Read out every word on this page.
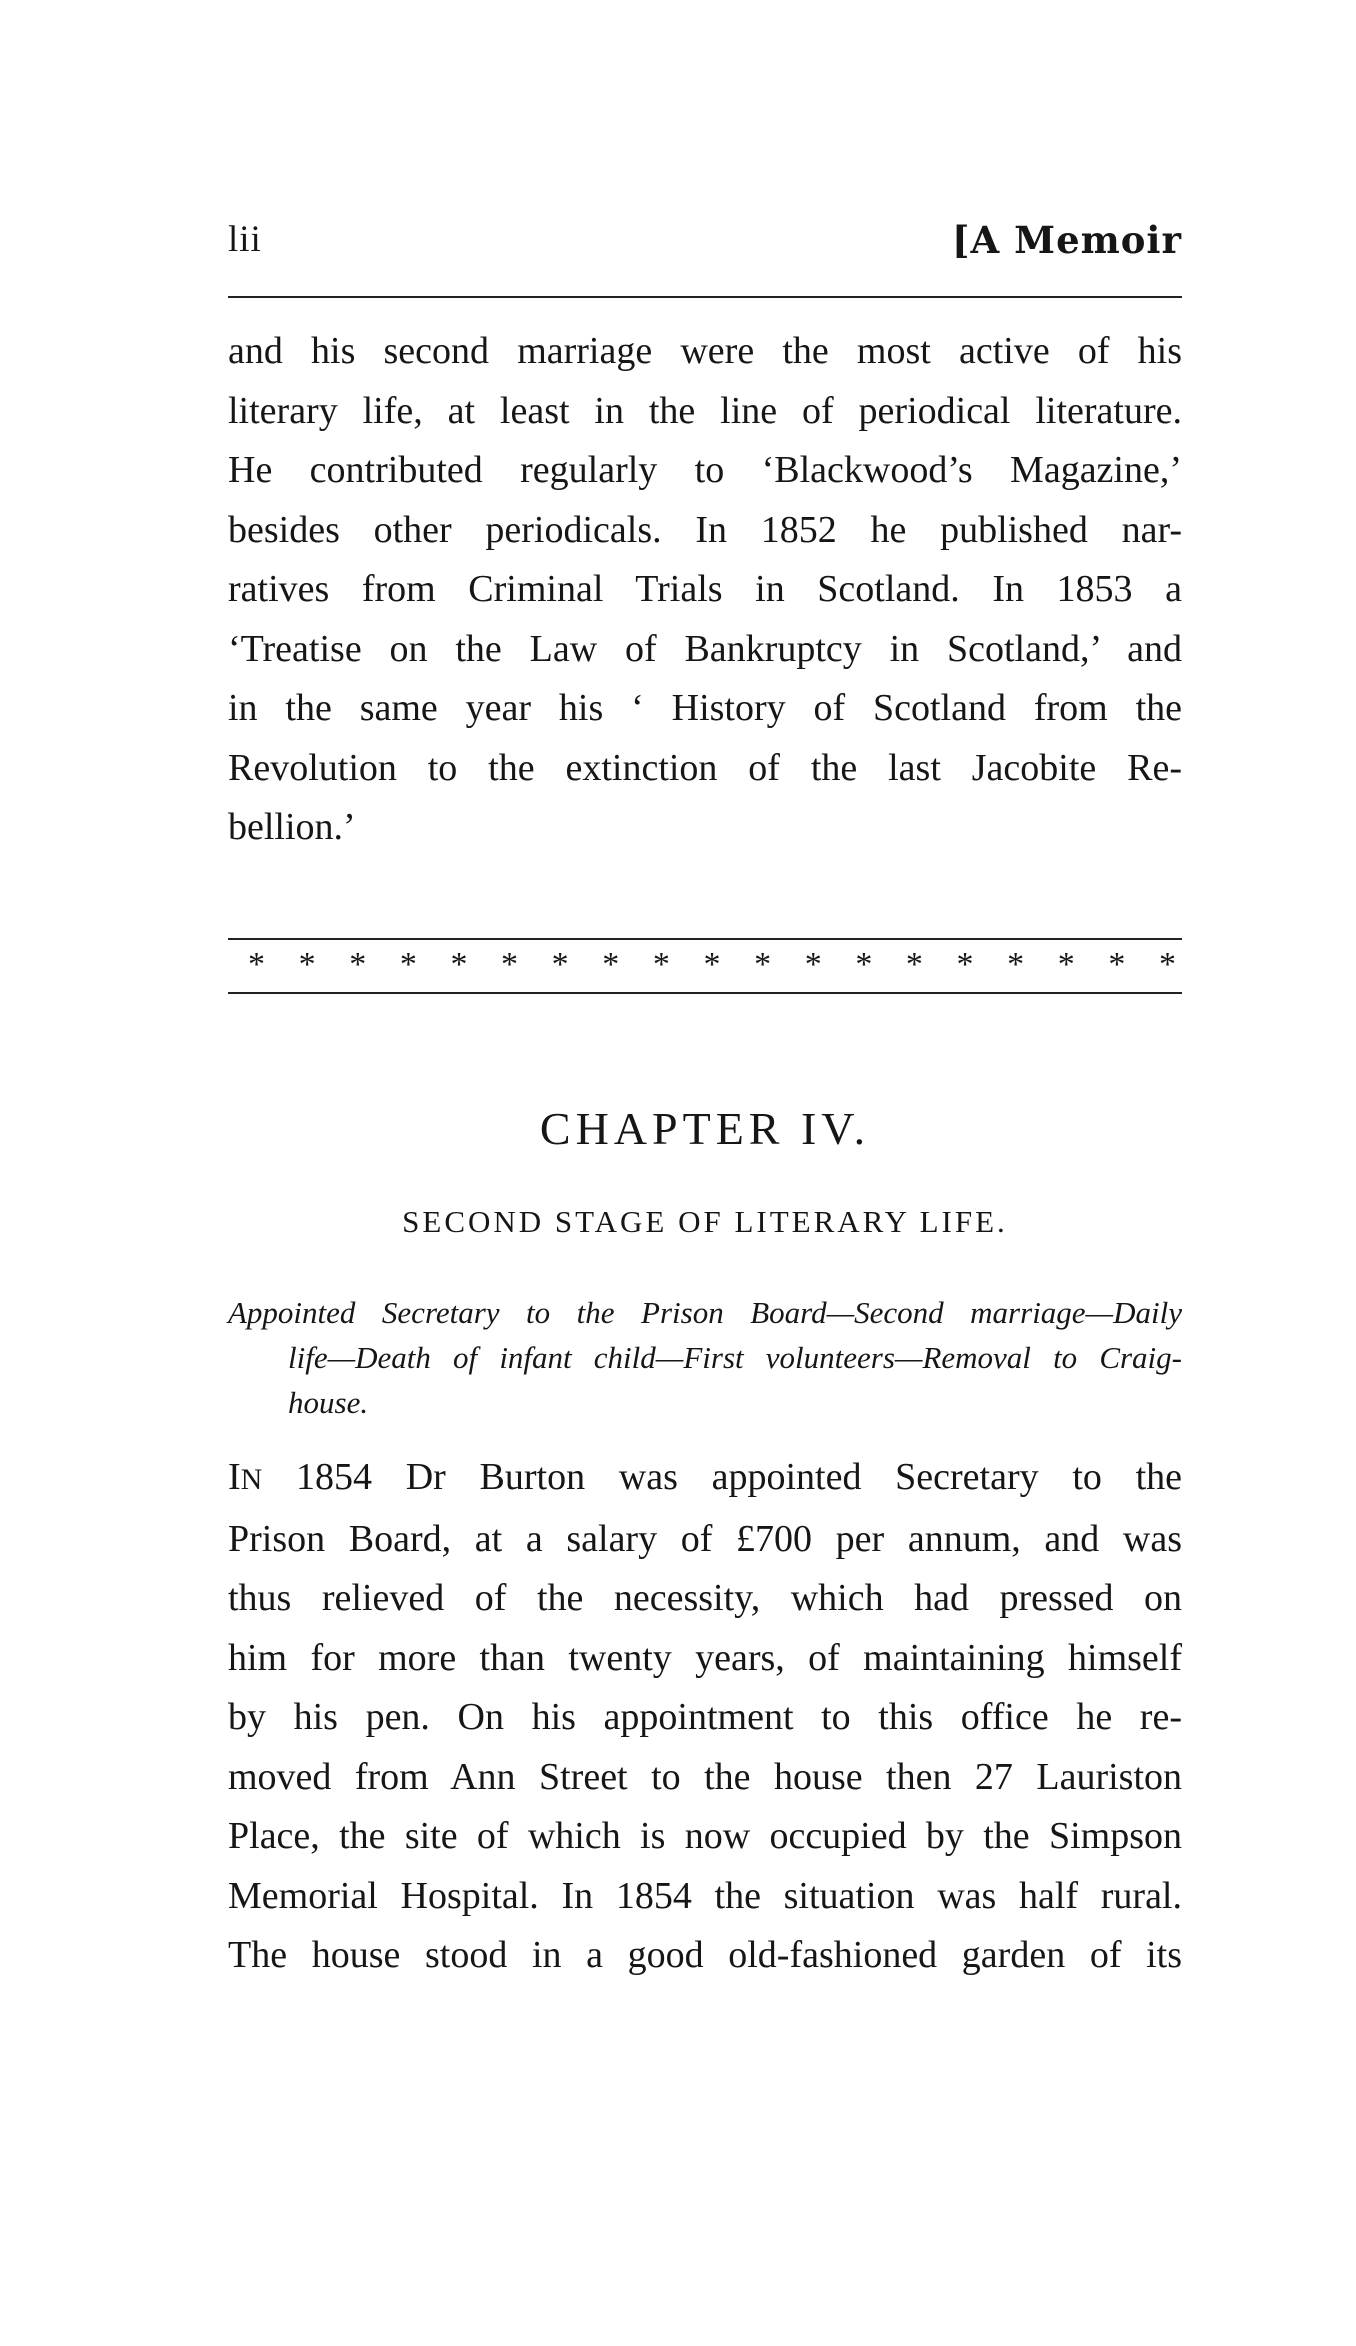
lii	[A Memoir

and his second marriage were the most active of his
literary life, at least in the line of periodical literature.
He contributed regularly to ‘Blackwood’s Magazine,’
besides other periodicals. In 1852 he published nar-
ratives from Criminal Trials in Scotland. In 1853 a
‘Treatise on the Law of Bankruptcy in Scotland,’ and
in the same year his ‘ History of Scotland from the
Revolution to the extinction of the last Jacobite Re-
bellion.’

* * * * * * * * * * * * * * * * * * *
CHAPTER IV.
SECOND STAGE OF LITERARY LIFE.

Appointed Secretary to the Prison Board—Second marriage—Daily
life—Death of infant child—First volunteers—Removal to Craig-
house.

IN 1854 Dr Burton was appointed Secretary to the
Prison Board, at a salary of £700 per annum, and was
thus relieved of the necessity, which had pressed on
him for more than twenty years, of maintaining himself
by his pen. On his appointment to this office he re-
moved from Ann Street to the house then 27 Lauriston
Place, the site of which is now occupied by the Simpson
Memorial Hospital. In 1854 the situation was half rural.
The house stood in a good old-fashioned garden of its
